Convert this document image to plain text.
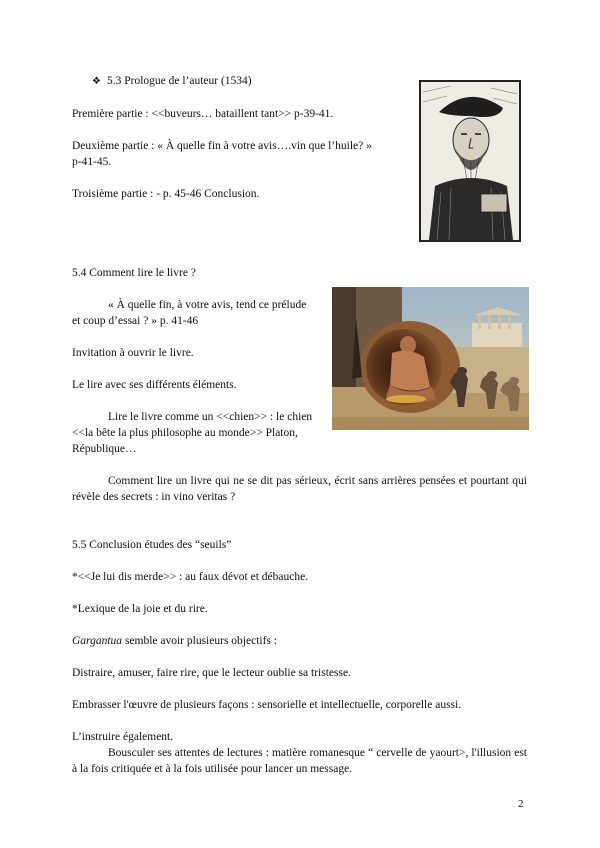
❖ 5.3 Prologue de l’auteur (1534)
Première partie : <<buveurs… bataillent tant>> p-39-41.
Deuxième partie : « À quelle fin à votre avis….vin que l’huile? »
p-41-45.
Troisième partie : - p. 45-46 Conclusion.
5.4 Comment lire le livre ?
« À quelle fin, à votre avis, tend ce prélude
et coup d’essai ? » p. 41-46
Invitation à ouvrir le livre.
Le lire avec ses différents éléments.
Lire le livre comme un <<chien>> : le chien
<<la bête la plus philosophe au monde>> Platon,
République…
Comment lire un livre qui ne se dit pas sérieux, écrit sans arrières pensées et pourtant qui révèle des secrets : in vino veritas ?
5.5 Conclusion études des “seuils”
*<<Je lui dis merde>> : au faux dévot et débauche.
*Lexique de la joie et du rire.
Gargantua semble avoir plusieurs objectifs :
Distraire, amuser, faire rire, que le lecteur oublie sa tristesse.
Embrasser l'œuvre de plusieurs façons : sensorielle et intellectuelle, corporelle aussi.
L’instruire également.
Bousculer ses attentes de lectures : matière romanesque “ cervelle de yaourt>, l'illusion est à la fois critiquée et à la fois utilisée pour lancer un message.
2
